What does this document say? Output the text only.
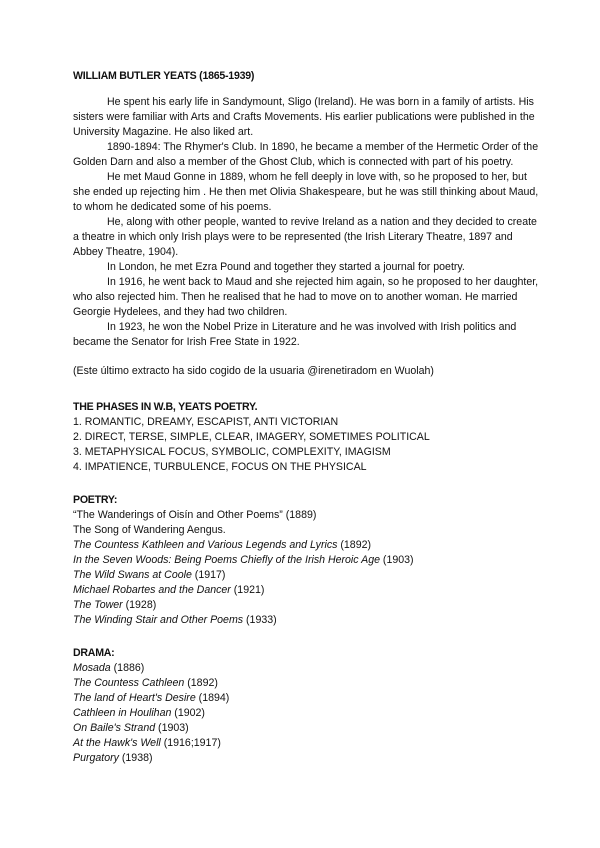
WILLIAM BUTLER YEATS (1865-1939)

He spent his early life in Sandymount, Sligo (Ireland). He was born in a family of artists. His sisters were familiar with Arts and Crafts Movements. His earlier publications were published in the University Magazine. He also liked art.

1890-1894: The Rhymer's Club. In 1890, he became a member of the Hermetic Order of the Golden Darn and also a member of the Ghost Club, which is connected with part of his poetry.

He met Maud Gonne in 1889, whom he fell deeply in love with, so he proposed to her, but she ended up rejecting him . He then met Olivia Shakespeare, but he was still thinking about Maud, to whom he dedicated some of his poems.

He, along with other people, wanted to revive Ireland as a nation and they decided to create a theatre in which only Irish plays were to be represented (the Irish Literary Theatre, 1897 and Abbey Theatre, 1904).

In London, he met Ezra Pound and together they started a journal for poetry.

In 1916, he went back to Maud and she rejected him again, so he proposed to her daughter, who also rejected him. Then he realised that he had to move on to another woman. He married Georgie Hydelees, and they had two children.

In 1923, he won the Nobel Prize in Literature and he was involved with Irish politics and became the Senator for Irish Free State in 1922.

(Este último extracto ha sido cogido de la usuaria @irenetiradom en Wuolah)
THE PHASES IN W.B, YEATS POETRY.
1. ROMANTIC, DREAMY, ESCAPIST, ANTI VICTORIAN
2. DIRECT, TERSE, SIMPLE, CLEAR, IMAGERY, SOMETIMES POLITICAL
3. METAPHYSICAL FOCUS, SYMBOLIC, COMPLEXITY, IMAGISM
4. IMPATIENCE, TURBULENCE, FOCUS ON THE PHYSICAL
POETRY:
“The Wanderings of Oisín and Other Poems” (1889)
The Song of Wandering Aengus.
The Countess Kathleen and Various Legends and Lyrics (1892)
In the Seven Woods: Being Poems Chiefly of the Irish Heroic Age (1903)
The Wild Swans at Coole (1917)
Michael Robartes and the Dancer (1921)
The Tower (1928)
The Winding Stair and Other Poems (1933)
DRAMA:
Mosada (1886)
The Countess Cathleen (1892)
The land of Heart's Desire (1894)
Cathleen in Houlihan (1902)
On Baile's Strand (1903)
At the Hawk's Well (1916;1917)
Purgatory (1938)
